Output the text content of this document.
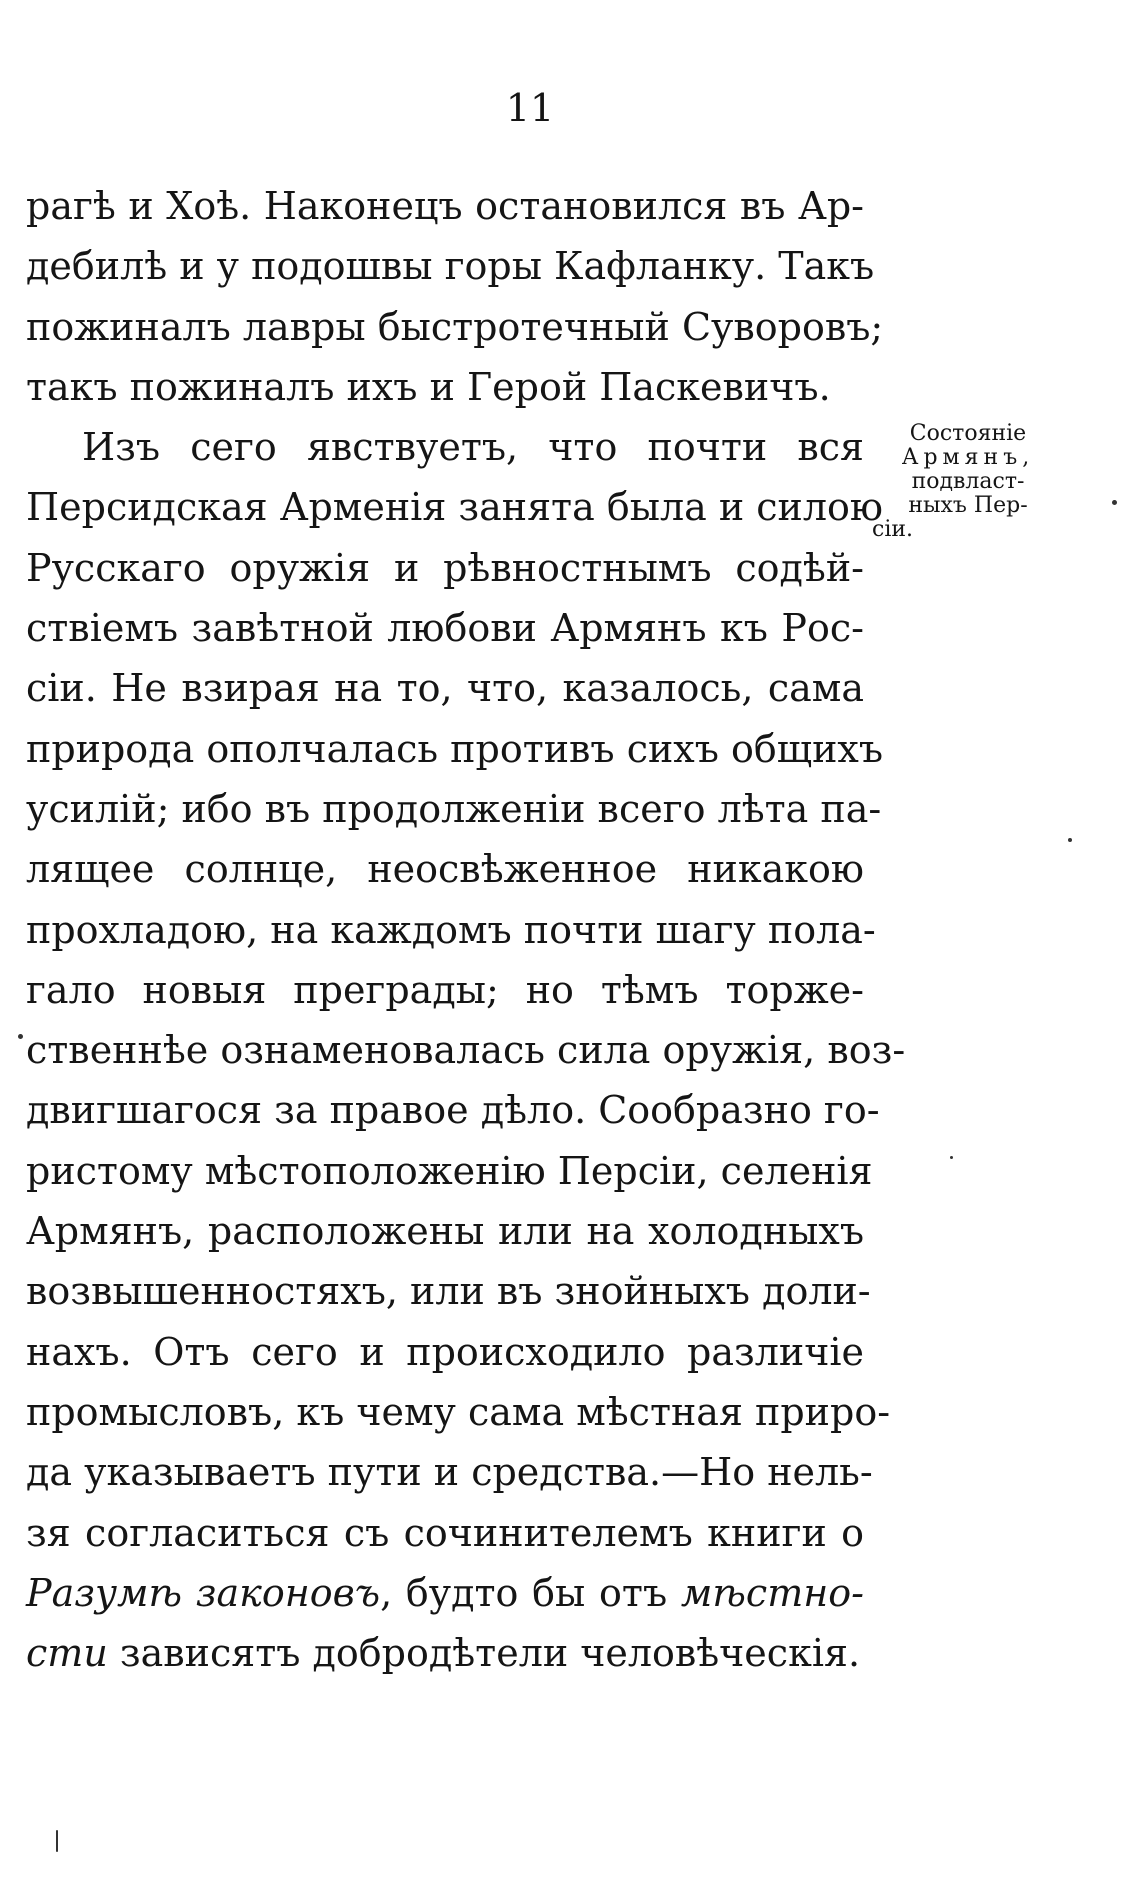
11
рагѣ и Хоѣ. Наконецъ остановился въ Ар-
дебилѣ и у подошвы горы Кафланку. Такъ
пожиналъ лавры быстротечный Суворовъ;
такъ пожиналъ ихъ и Герой Паскевичъ.
Изъ сего явствуетъ, что почти вся
Персидская Арменія занята была и силою
Русскаго оружія и рѣвностнымъ содѣй-
ствіемъ завѣтной любови Армянъ къ Рос-
сіи. Не взирая на то, что, казалось, сама
природа ополчалась противъ сихъ общихъ
усилій; ибо въ продолженіи всего лѣта па-
лящее солнце, неосвѣженное никакою
прохладою, на каждомъ почти шагу пола-
гало новыя преграды; но тѣмъ торже-
ственнѣе ознаменовалась сила оружія, воз-
двигшагося за правое дѣло. Сообразно го-
ристому мѣстоположенію Персіи, селенія
Армянъ, расположены или на холодныхъ
возвышенностяхъ, или въ знойныхъ доли-
нахъ. Отъ сего и происходило различіе
промысловъ, къ чему сама мѣстная приро-
да указываетъ пути и средства.—Но нель-
зя согласиться съ сочинителемъ книги о
Разумѣ законовъ, будто бы отъ мѣстно-
сти зависятъ добродѣтели человѣческія.
Состояніе
Армянъ,
подвласт-
ныхъ Пер-
сіи.
